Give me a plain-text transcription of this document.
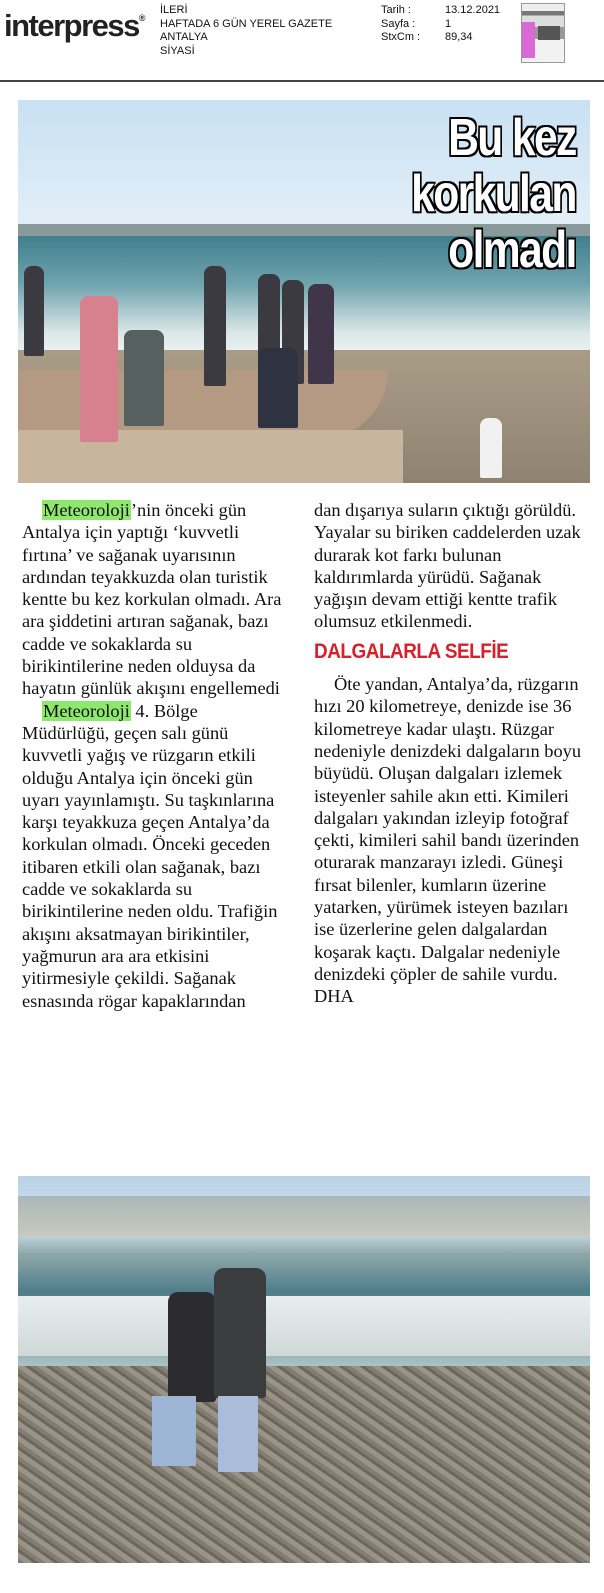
interpress®
İLERİ
HAFTADA 6 GÜN YEREL GAZETE
ANTALYA
SİYASİ
Tarih :	13.12.2021
Sayfa :	1
StxCm :	89,34
Bu kez
korkulan
olmadı

Meteoroloji’nin önceki gün Antalya için yaptığı ‘kuvvetli fırtına’ ve sağanak uyarısının ardından teyakkuzda olan turistik kentte bu kez korkulan olmadı. Ara ara şiddetini artıran sağanak, bazı cadde ve sokaklarda su birikintilerine neden olduysa da hayatın günlük akışını engellemedi

Meteoroloji 4. Bölge Müdürlüğü, geçen salı günü kuvvetli yağış ve rüzgarın etkili olduğu Antalya için önceki gün uyarı yayınlamıştı. Su taşkınlarına karşı teyakkuza geçen Antalya’da korkulan olmadı. Önceki geceden itibaren etkili olan sağanak, bazı cadde ve sokaklarda su birikintilerine neden oldu. Trafiğin akışını aksatmayan birikintiler, yağmurun ara ara etkisini yitirmesiyle çekildi. Sağanak esnasında rögar kapaklarından

dan dışarıya suların çıktığı görüldü. Yayalar su biriken caddelerden uzak durarak kot farkı bulunan kaldırımlarda yürüdü. Sağanak yağışın devam ettiği kentte trafik olumsuz etkilenmedi.

DALGALARLA SELFİE

Öte yandan, Antalya’da, rüzgarın hızı 20 kilometreye, denizde ise 36 kilometreye kadar ulaştı. Rüzgar nedeniyle denizdeki dalgaların boyu büyüdü. Oluşan dalgaları izlemek isteyenler sahile akın etti. Kimileri dalgaları yakından izleyip fotoğraf çekti, kimileri sahil bandı üzerinden oturarak manzarayı izledi. Güneşi fırsat bilenler, kumların üzerine yatarken, yürümek isteyen bazıları ise üzerlerine gelen dalgalardan koşarak kaçtı. Dalgalar nedeniyle denizdeki çöpler de sahile vurdu. DHA
